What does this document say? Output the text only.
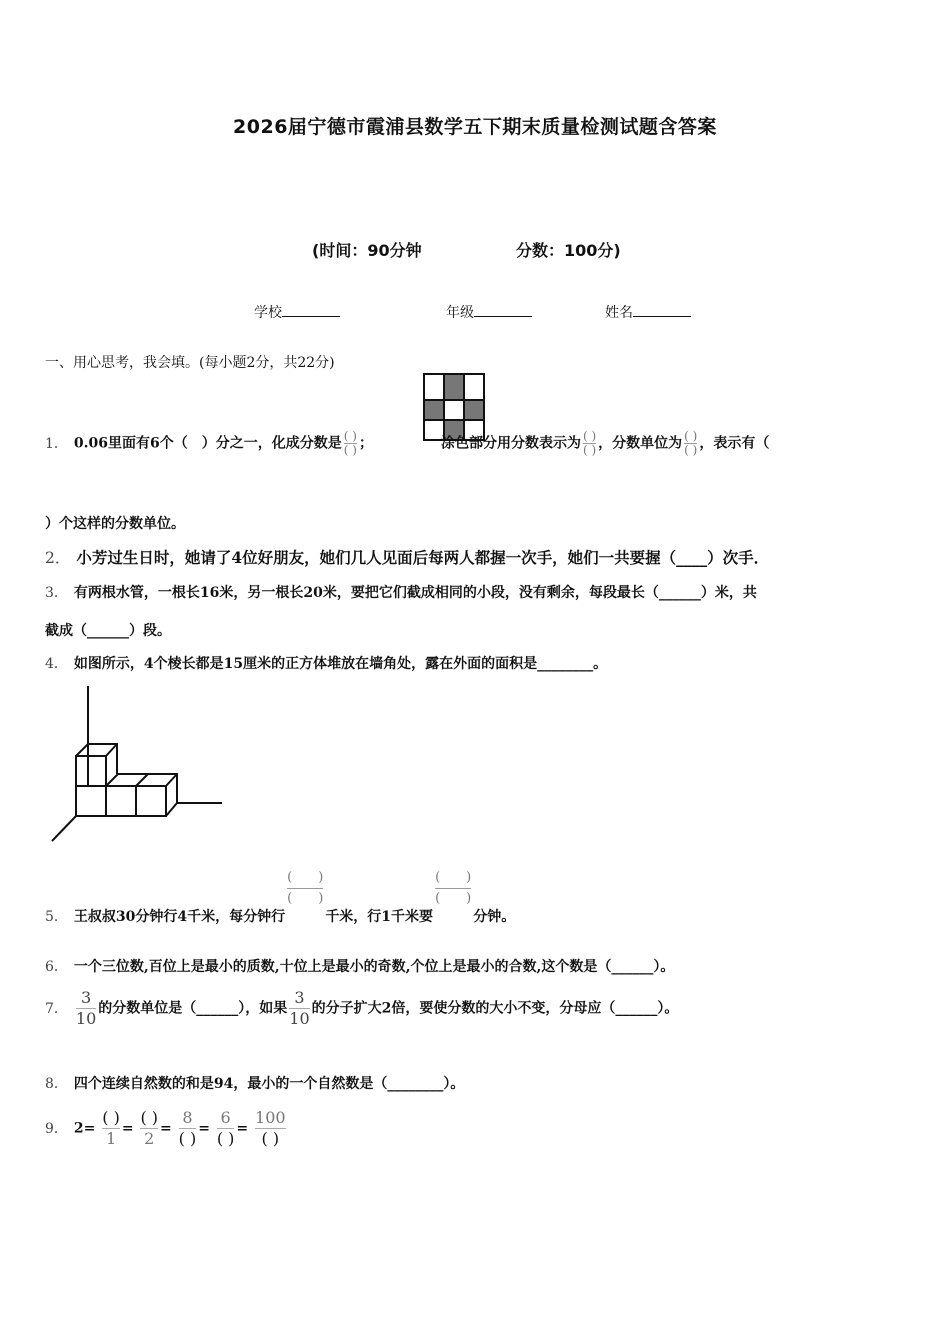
2026届宁德市霞浦县数学五下期末质量检测试题含答案
(时间：90分钟	分数：100分)
学校	年级	姓名
一、用心思考，我会填。(每小题2分，共22分)
1． 0.06里面有6个（　）分之一，化成分数是 $\frac{( )}{( )}$ ；	涂色部分用分数表示为 $\frac{( )}{( )}$ ，分数单位为 $\frac{( )}{( )}$ ，表示有（
）个这样的分数单位。
2． 小芳过生日时，她请了4位好朋友，她们几人见面后每两人都握一次手，她们一共要握（____）次手．
3． 有两根水管，一根长16米，另一根长20米，要把它们截成相同的小段，没有剩余，每段最长（______）米，共
截成（______）段。
4． 如图所示，4个棱长都是15厘米的正方体堆放在墙角处，露在外面的面积是________。
5． 王叔叔30分钟行4千米，每分钟行
$\frac{( )}{( )}$
千米，行1千米要
$\frac{( )}{( )}$
分钟。
6． 一个三位数,百位上是最小的质数,十位上是最小的奇数,个位上是最小的合数,这个数是（______）。
7． $\frac{3}{10}$ 的分数单位是（______），如果 $\frac{3}{10}$ 的分子扩大2倍，要使分数的大小不变，分母应（______）。
8． 四个连续自然数的和是94，最小的一个自然数是（________）。
9． 2=
( )
1
=
( )
2
=
8
( )
=
6
( )
=
100
( )
